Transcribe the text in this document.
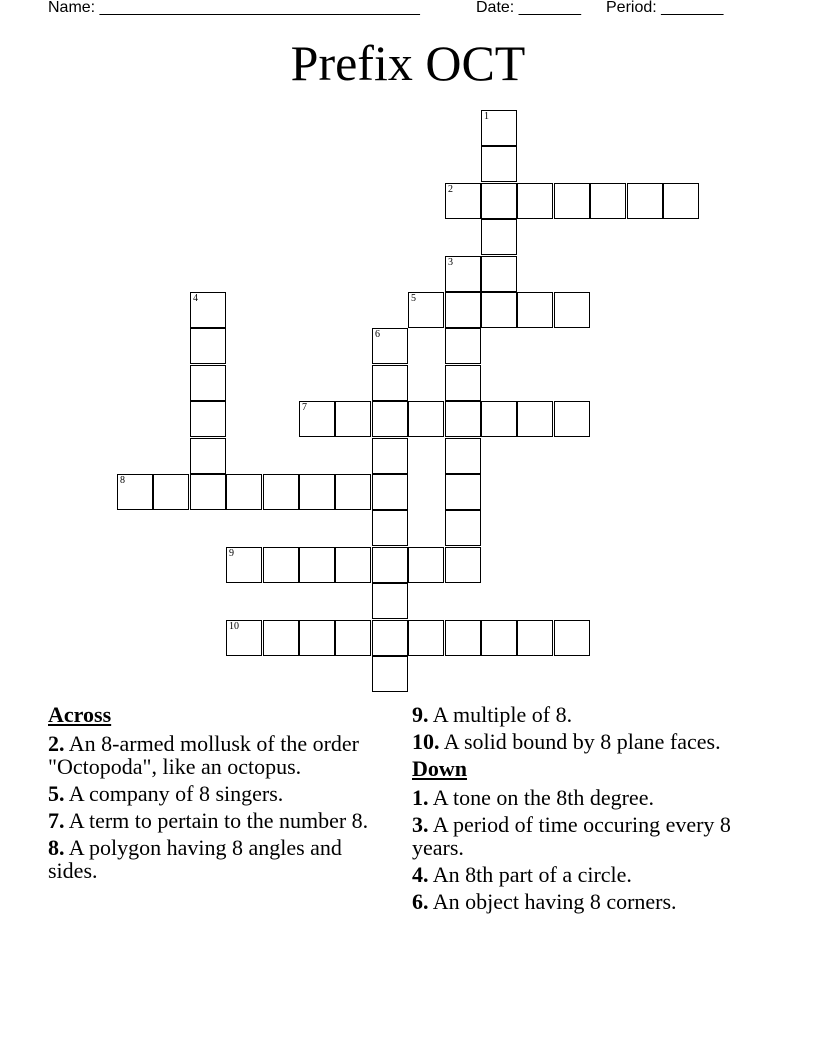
Name: ____________________________________	Date: _______ Period: _______
Prefix OCT
1
2
3
4	5
6
7
8
9
10
Across
2. An 8-armed mollusk of the order "Octopoda", like an octopus.
5. A company of 8 singers.
7. A term to pertain to the number 8.
8. A polygon having 8 angles and sides.
9. A multiple of 8.
10. A solid bound by 8 plane faces.
Down
1. A tone on the 8th degree.
3. A period of time occuring every 8 years.
4. An 8th part of a circle.
6. An object having 8 corners.
